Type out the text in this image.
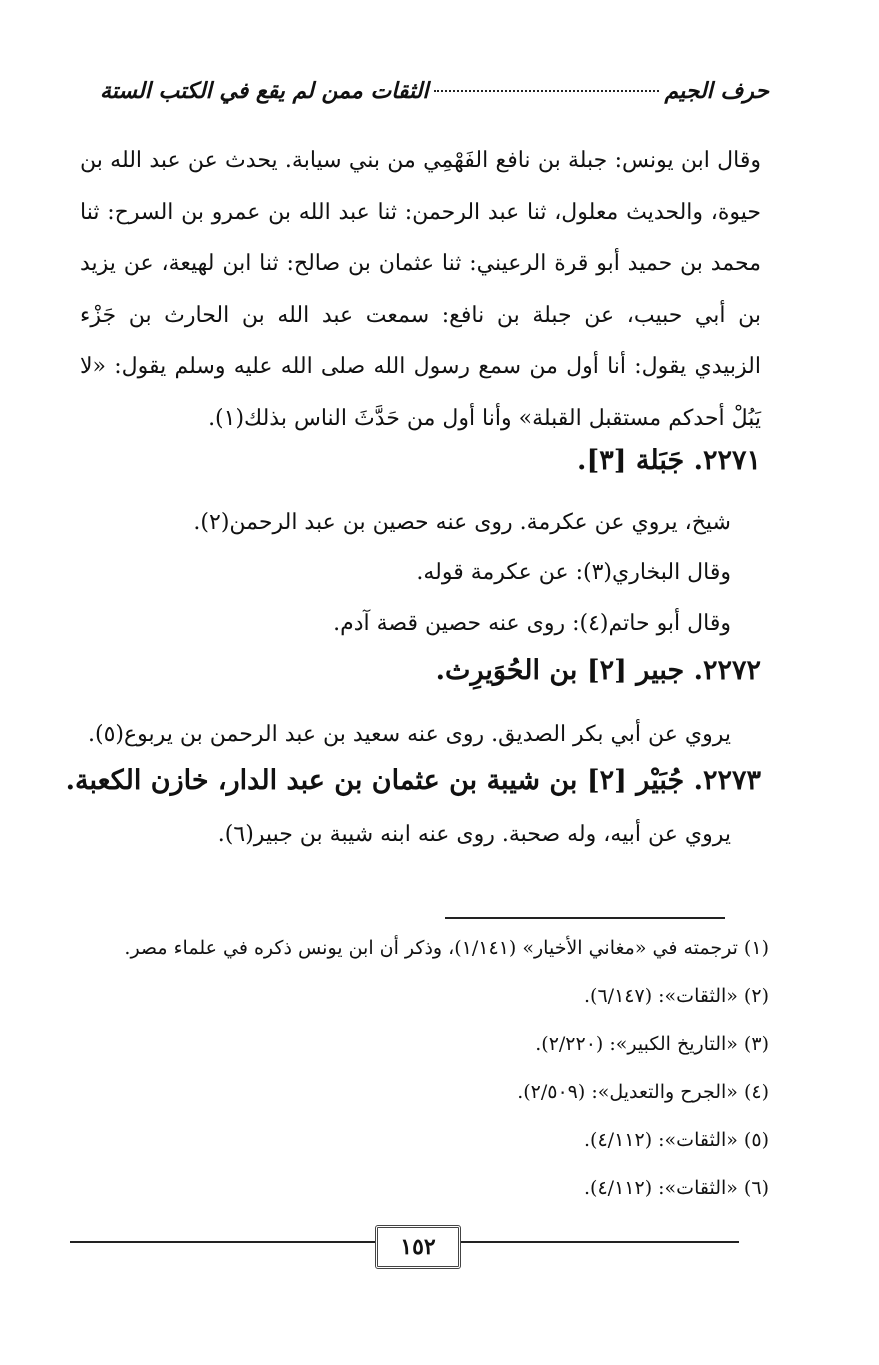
حرف الجيم
الثقات ممن لم يقع في الكتب الستة
وقال ابن يونس: جبلة بن نافع الفَهْمِي من بني سيابة. يحدث عن عبد الله بن حيوة، والحديث معلول، ثنا عبد الرحمن: ثنا عبد الله بن عمرو بن السرح: ثنا محمد بن حميد أبو قرة الرعيني: ثنا عثمان بن صالح: ثنا ابن لهيعة، عن يزيد بن أبي حبيب، عن جبلة بن نافع: سمعت عبد الله بن الحارث بن جَزْء الزبيدي يقول: أنا أول من سمع رسول الله صلى الله عليه وسلم يقول: «لا يَبُلْ أحدكم مستقبل القبلة» وأنا أول من حَدَّثَ الناس بذلك(١).
٢٢٧١. جَبَلة [٣].
شيخ، يروي عن عكرمة. روى عنه حصين بن عبد الرحمن(٢).
وقال البخاري(٣): عن عكرمة قوله.
وقال أبو حاتم(٤): روى عنه حصين قصة آدم.
٢٢٧٢. جبير [٢] بن الحُوَيرِث.
يروي عن أبي بكر الصديق. روى عنه سعيد بن عبد الرحمن بن يربوع(٥).
٢٢٧٣. جُبَيْر [٢] بن شيبة بن عثمان بن عبد الدار، خازن الكعبة.
يروي عن أبيه، وله صحبة. روى عنه ابنه شيبة بن جبير(٦).
(١) ترجمته في «مغاني الأخيار» (١/١٤١)، وذكر أن ابن يونس ذكره في علماء مصر.
(٢) «الثقات»: (٦/١٤٧).
(٣) «التاريخ الكبير»: (٢/٢٢٠).
(٤) «الجرح والتعديل»: (٢/٥٠٩).
(٥) «الثقات»: (٤/١١٢).
(٦) «الثقات»: (٤/١١٢).
١٥٢
